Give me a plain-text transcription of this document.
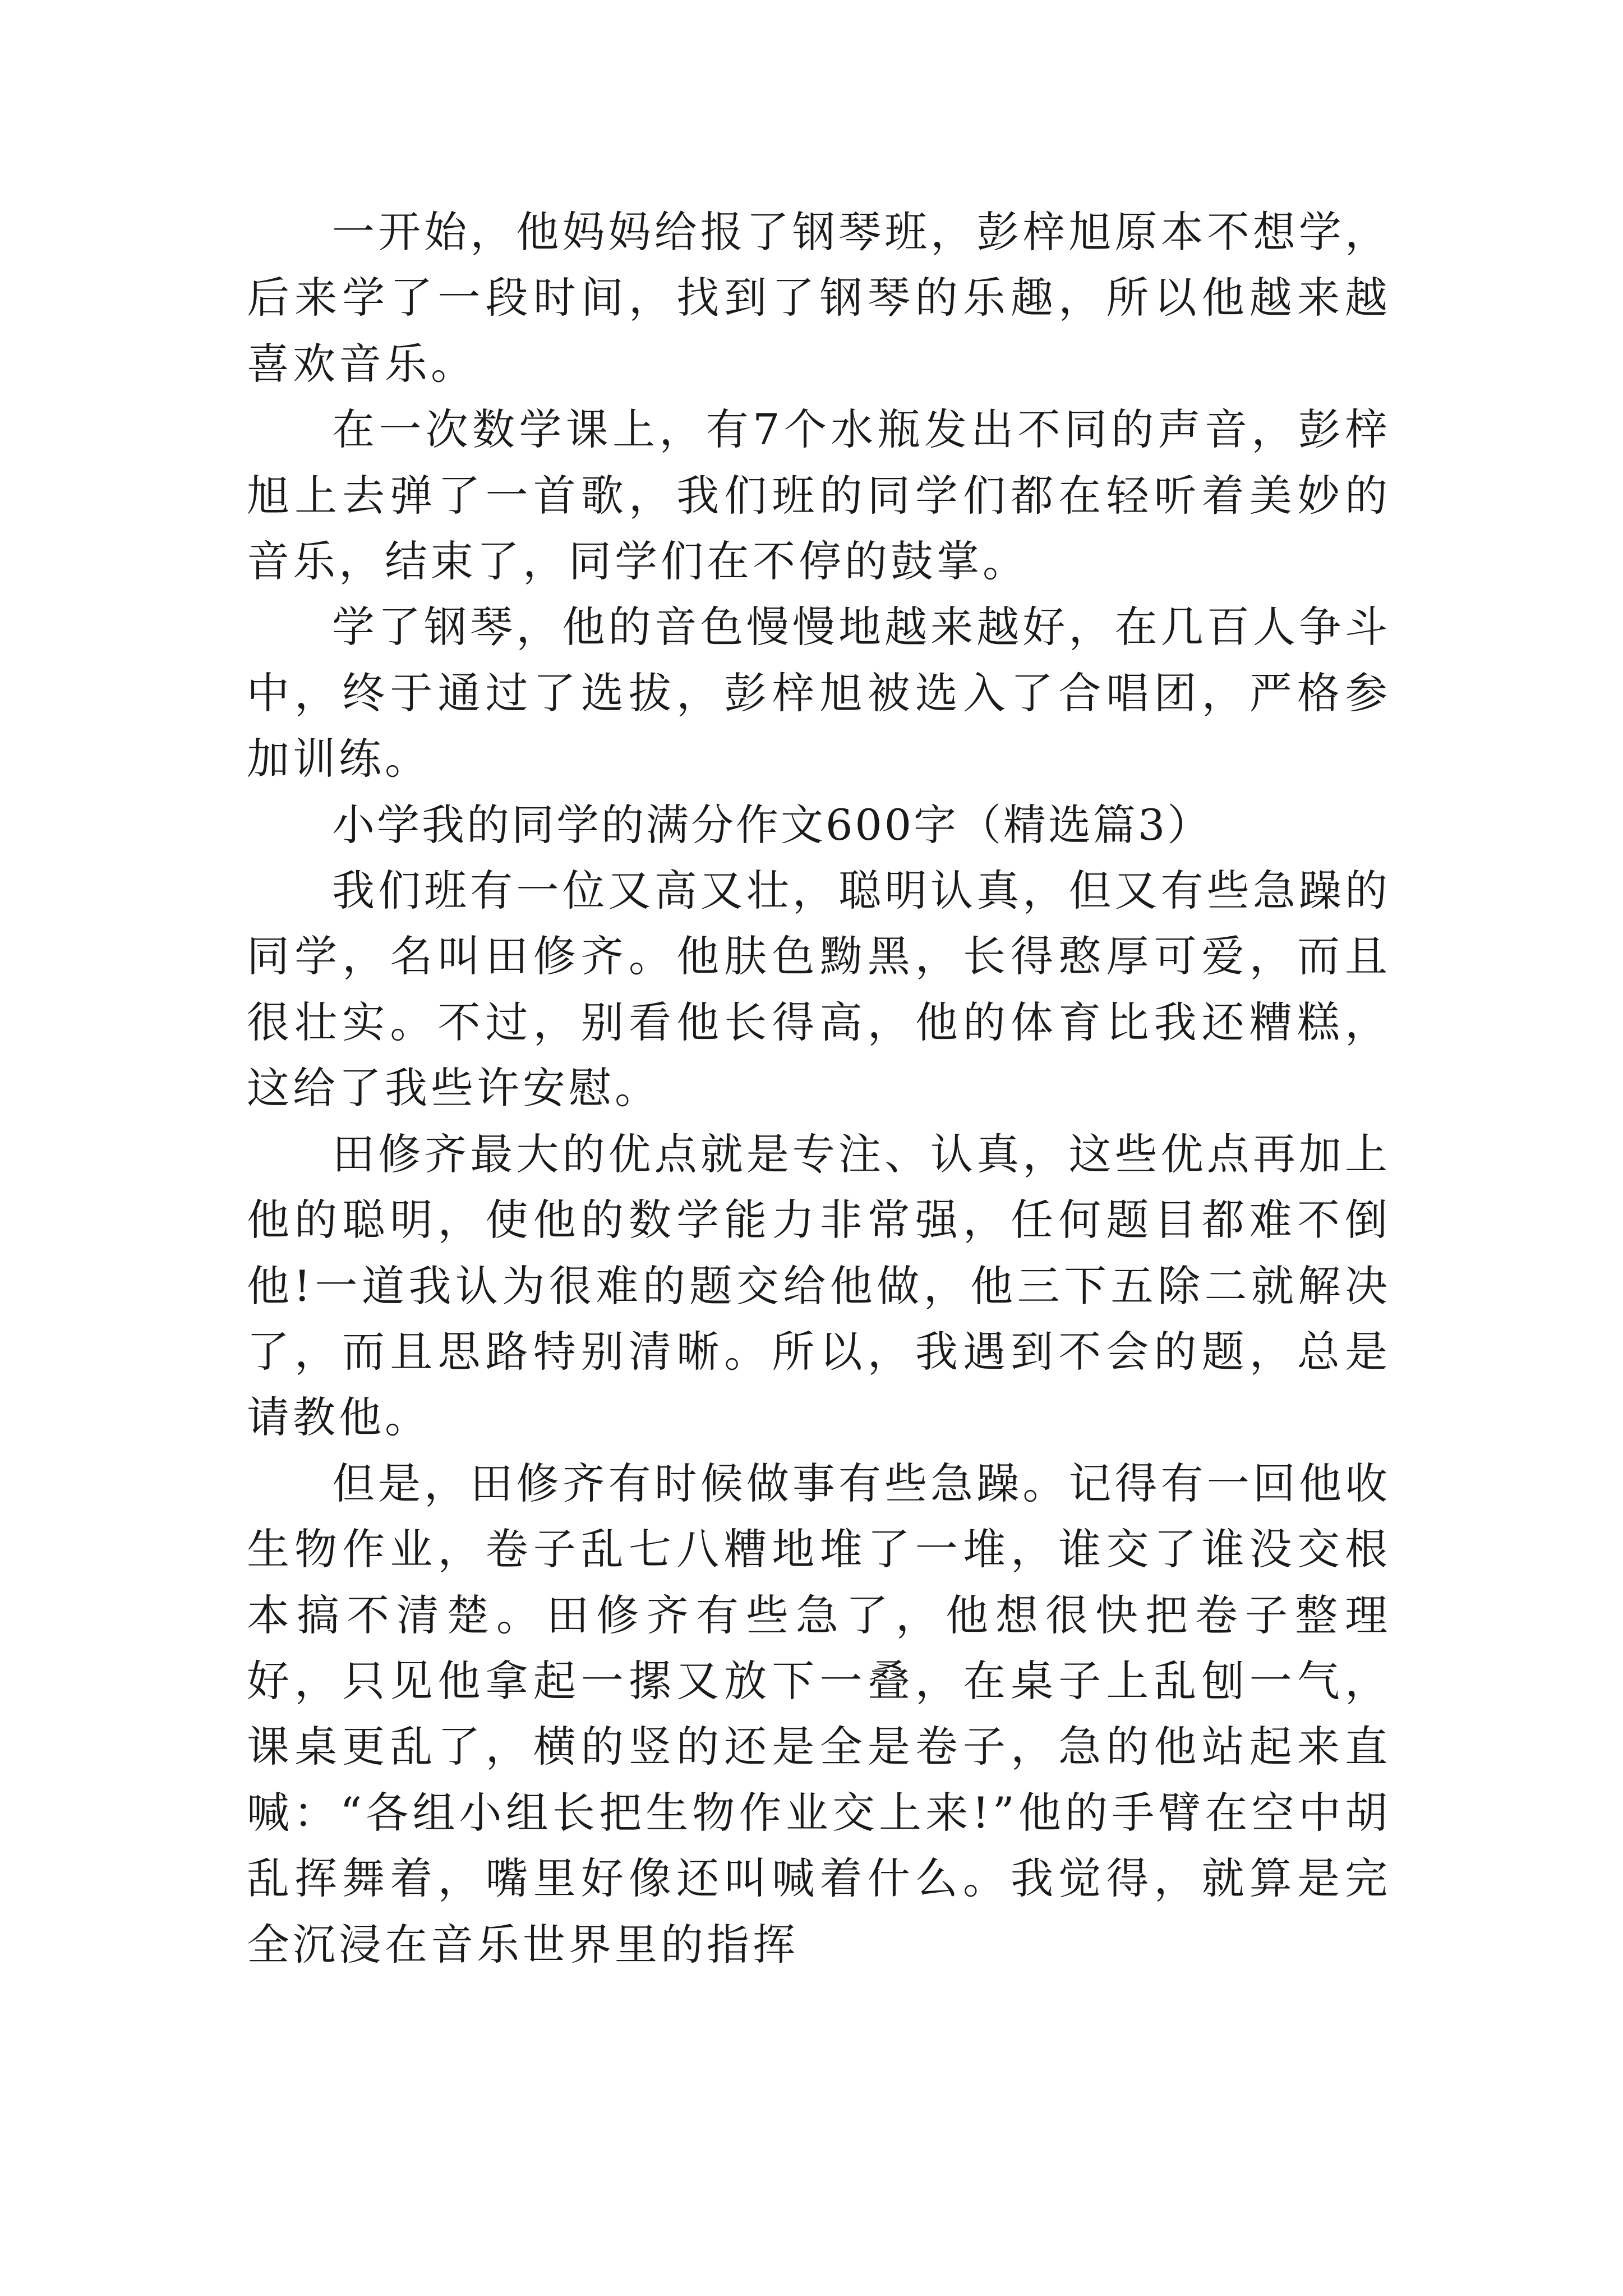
一开始，他妈妈给报了钢琴班，彭梓旭原本不想学，后来学了一段时间，找到了钢琴的乐趣，所以他越来越喜欢音乐。

在一次数学课上，有7个水瓶发出不同的声音，彭梓旭上去弹了一首歌，我们班的同学们都在轻听着美妙的音乐，结束了，同学们在不停的鼓掌。

学了钢琴，他的音色慢慢地越来越好，在几百人争斗中，终于通过了选拔，彭梓旭被选入了合唱团，严格参加训练。

小学我的同学的满分作文600字（精选篇3）

我们班有一位又高又壮，聪明认真，但又有些急躁的同学，名叫田修齐。他肤色黝黑，长得憨厚可爱，而且很壮实。不过，别看他长得高，他的体育比我还糟糕，这给了我些许安慰。

田修齐最大的优点就是专注、认真，这些优点再加上他的聪明，使他的数学能力非常强，任何题目都难不倒他!一道我认为很难的题交给他做，他三下五除二就解决了，而且思路特别清晰。所以，我遇到不会的题，总是请教他。

但是，田修齐有时候做事有些急躁。记得有一回他收生物作业，卷子乱七八糟地堆了一堆，谁交了谁没交根本搞不清楚。田修齐有些急了，他想很快把卷子整理好，只见他拿起一摞又放下一叠，在桌子上乱刨一气，课桌更乱了，横的竖的还是全是卷子，急的他站起来直喊：“各组小组长把生物作业交上来!”他的手臂在空中胡乱挥舞着，嘴里好像还叫喊着什么。我觉得，就算是完全沉浸在音乐世界里的指挥
